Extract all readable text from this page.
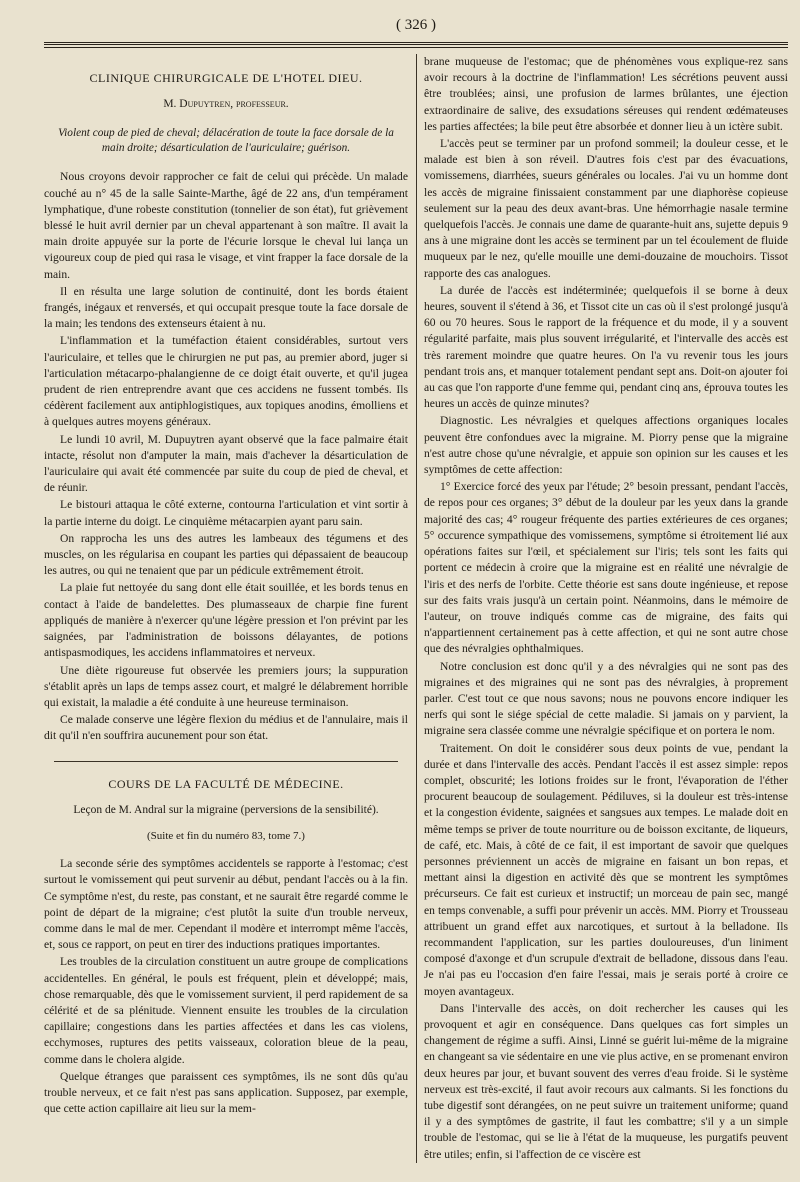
( 326 )
CLINIQUE CHIRURGICALE DE L'HOTEL DIEU.
M. Dupuytren, professeur.
Violent coup de pied de cheval; délacération de toute la face dorsale de la main droite; désarticulation de l'auriculaire; guérison.

Nous croyons devoir rapprocher ce fait de celui qui précède. Un malade couché au n° 45 de la salle Sainte-Marthe, âgé de 22 ans, d'un tempérament lymphatique, d'une robeste constitution (tonnelier de son état), fut grièvement blessé le huit avril dernier par un cheval appartenant à son maître. Il avait la main droite appuyée sur la porte de l'écurie lorsque le cheval lui lança un vigoureux coup de pied qui rasa le visage, et vint frapper la face dorsale de la main.

Il en résulta une large solution de continuité, dont les bords étaient frangés, inégaux et renversés, et qui occupait presque toute la face dorsale de la main; les tendons des extenseurs étaient à nu.

L'inflammation et la tuméfaction étaient considérables, surtout vers l'auriculaire, et telles que le chirurgien ne put pas, au premier abord, juger si l'articulation métacarpo-phalangienne de ce doigt était ouverte, et qu'il jugea prudent de rien entreprendre avant que ces accidens ne fussent tombés. Ils cédèrent facilement aux antiphlogistiques, aux topiques anodins, émolliens et à quelques autres moyens généraux.

Le lundi 10 avril, M. Dupuytren ayant observé que la face palmaire était intacte, résolut non d'amputer la main, mais d'achever la désarticulation de l'auriculaire qui avait été commencée par suite du coup de pied de cheval, et de réunir.

Le bistouri attaqua le côté externe, contourna l'articulation et vint sortir à la partie interne du doigt. Le cinquième métacarpien ayant paru sain.

On rapprocha les uns des autres les lambeaux des tégumens et des muscles, on les régularisa en coupant les parties qui dépassaient de beaucoup les autres, ou qui ne tenaient que par un pédicule extrêmement étroit.

La plaie fut nettoyée du sang dont elle était souillée, et les bords tenus en contact à l'aide de bandelettes. Des plumasseaux de charpie fine furent appliqués de manière à n'exercer qu'une légère pression et l'on prévint par les saignées, par l'administration de boissons délayantes, de potions antispasmodiques, les accidens inflammatoires et nerveux.

Une diète rigoureuse fut observée les premiers jours; la suppuration s'établit après un laps de temps assez court, et malgré le délabrement horrible qui existait, la maladie a été conduite à une heureuse terminaison.

Ce malade conserve une légère flexion du médius et de l'annulaire, mais il dit qu'il n'en souffrira aucunement pour son état.

COURS DE LA FACULTÉ DE MÉDECINE.
Leçon de M. Andral sur la migraine (perversions de la sensibilité).
(Suite et fin du numéro 83, tome 7.)

La seconde série des symptômes accidentels se rapporte à l'estomac; c'est surtout le vomissement qui peut survenir au début, pendant l'accès ou à la fin. Ce symptôme n'est, du reste, pas constant, et ne saurait être regardé comme le point de départ de la migraine; c'est plutôt la suite d'un trouble nerveux, comme dans le mal de mer. Cependant il modère et interrompt même l'accès, et, sous ce rapport, on peut en tirer des inductions pratiques importantes.

Les troubles de la circulation constituent un autre groupe de complications accidentelles. En général, le pouls est fréquent, plein et développé; mais, chose remarquable, dès que le vomissement survient, il perd rapidement de sa célérité et de sa plénitude. Viennent ensuite les troubles de la circulation capillaire; congestions dans les parties affectées et dans les cas violens, ecchymoses, ruptures des petits vaisseaux, coloration bleue de la peau, comme dans le cholera algide.

Quelque étranges que paraissent ces symptômes, ils ne sont dûs qu'au trouble nerveux, et ce fait n'est pas sans application. Supposez, par exemple, que cette action capillaire ait lieu sur la mem-

brane muqueuse de l'estomac; que de phénomènes vous explique-rez sans avoir recours à la doctrine de l'inflammation! Les sécrétions peuvent aussi être troublées; ainsi, une profusion de larmes brûlantes, une éjection extraordinaire de salive, des exsudations séreuses qui rendent œdémateuses les parties affectées; la bile peut être absorbée et donner lieu à un ictère subit.

L'accès peut se terminer par un profond sommeil; la douleur cesse, et le malade est bien à son réveil. D'autres fois c'est par des évacuations, vomissemens, diarrhées, sueurs générales ou locales. J'ai vu un homme dont les accès de migraine finissaient constamment par une diaphorèse copieuse seulement sur la peau des deux avant-bras. Une hémorrhagie nasale termine quelquefois l'accès. Je connais une dame de quarante-huit ans, sujette depuis 9 ans à une migraine dont les accès se terminent par un tel écoulement de fluide muqueux par le nez, qu'elle mouille une demi-douzaine de mouchoirs. Tissot rapporte des cas analogues.

La durée de l'accès est indéterminée; quelquefois il se borne à deux heures, souvent il s'étend à 36, et Tissot cite un cas où il s'est prolongé jusqu'à 60 ou 70 heures. Sous le rapport de la fréquence et du mode, il y a souvent régularité parfaite, mais plus souvent irrégularité, et l'intervalle des accès est très rarement moindre que quatre heures. On l'a vu revenir tous les jours pendant trois ans, et manquer totalement pendant sept ans. Doit-on ajouter foi au cas que l'on rapporte d'une femme qui, pendant cinq ans, éprouva toutes les heures un accès de quinze minutes?

Diagnostic. Les névralgies et quelques affections organiques locales peuvent être confondues avec la migraine. M. Piorry pense que la migraine n'est autre chose qu'une névralgie, et appuie son opinion sur les causes et les symptômes de cette affection:

1° Exercice forcé des yeux par l'étude; 2° besoin pressant, pendant l'accès, de repos pour ces organes; 3° début de la douleur par les yeux dans la grande majorité des cas; 4° rougeur fréquente des parties extérieures de ces organes; 5° occurence sympathique des vomissemens, symptôme si étroitement lié aux opérations faites sur l'œil, et spécialement sur l'iris; tels sont les faits qui portent ce médecin à croire que la migraine est en réalité une névralgie de l'iris et des nerfs de l'orbite. Cette théorie est sans doute ingénieuse, et repose sur des faits vrais jusqu'à un certain point. Néanmoins, dans le mémoire de l'auteur, on trouve indiqués comme cas de migraine, des faits qui n'appartiennent certainement pas à cette affection, et qui ne sont autre chose que des névralgies ophthalmiques.

Notre conclusion est donc qu'il y a des névralgies qui ne sont pas des migraines et des migraines qui ne sont pas des névralgies, à proprement parler. C'est tout ce que nous savons; nous ne pouvons encore indiquer les nerfs qui sont le siége spécial de cette maladie. Si jamais on y parvient, la migraine sera classée comme une névralgie spécifique et on portera le nom.

Traitement. On doit le considérer sous deux points de vue, pendant la durée et dans l'intervalle des accès. Pendant l'accès il est assez simple: repos complet, obscurité; les lotions froides sur le front, l'évaporation de l'éther procurent beaucoup de soulagement. Pédiluves, si la douleur est très-intense et la congestion évidente, saignées et sangsues aux tempes. Le malade doit en même temps se priver de toute nourriture ou de boisson excitante, de liqueurs, de café, etc. Mais, à côté de ce fait, il est important de savoir que quelques personnes préviennent un accès de migraine en faisant un bon repas, et mettant ainsi la digestion en activité dès que se montrent les symptômes précurseurs. Ce fait est curieux et instructif; un morceau de pain sec, mangé en temps convenable, a suffi pour prévenir un accès. MM. Piorry et Trousseau attribuent un grand effet aux narcotiques, et surtout à la belladone. Ils recommandent l'application, sur les parties douloureuses, d'un liniment composé d'axonge et d'un scrupule d'extrait de belladone, dissous dans l'eau. Je n'ai pas eu l'occasion d'en faire l'essai, mais je serais porté à croire ce moyen avantageux.

Dans l'intervalle des accès, on doit rechercher les causes qui les provoquent et agir en conséquence. Dans quelques cas fort simples un changement de régime a suffi. Ainsi, Linné se guérit lui-même de la migraine en changeant sa vie sédentaire en une vie plus active, en se promenant environ deux heures par jour, et buvant souvent des verres d'eau froide. Si le système nerveux est très-excité, il faut avoir recours aux calmants. Si les fonctions du tube digestif sont dérangées, on ne peut suivre un traitement uniforme; quand il y a des symptômes de gastrite, il faut les combattre; s'il y a un simple trouble de l'estomac, qui se lie à l'état de la muqueuse, les purgatifs peuvent être utiles; enfin, si l'affection de ce viscère est
